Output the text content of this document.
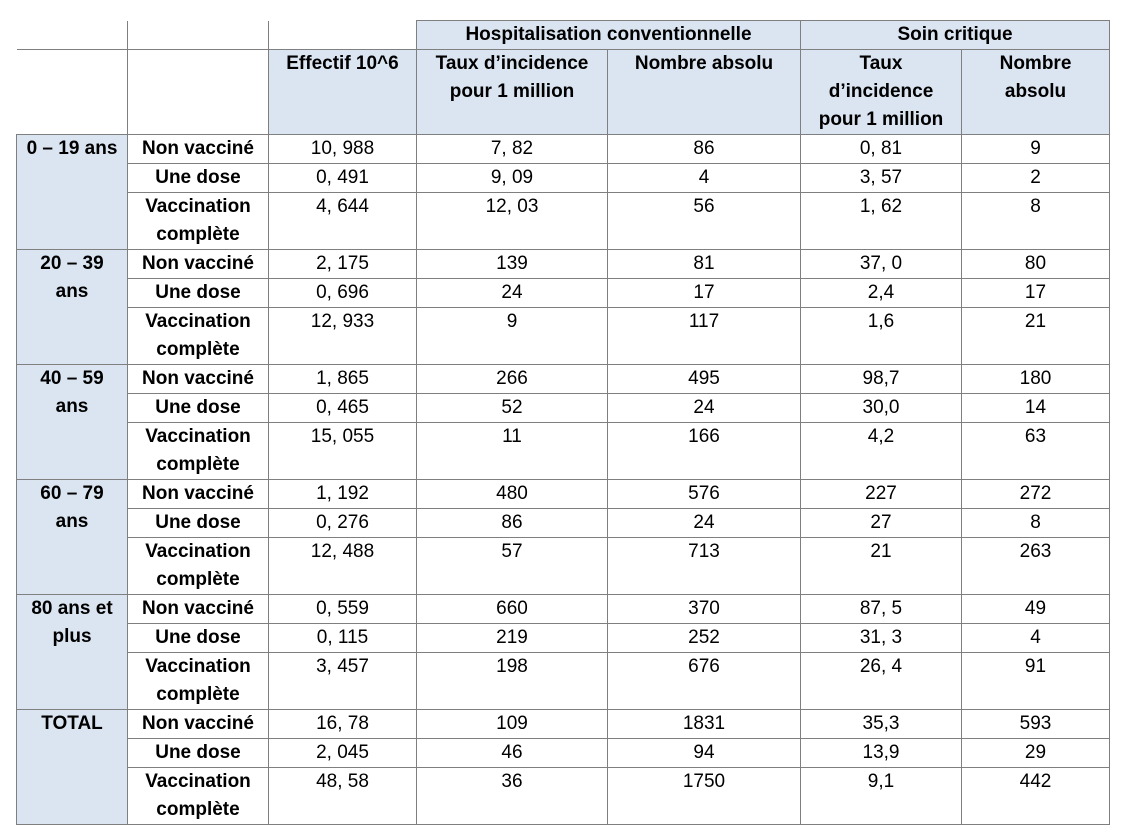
			Hospitalisation conventionnelle		Soin critique	
		Effectif 10^6	Taux d’incidence pour 1 million	Nombre absolu	Taux d’incidence pour 1 million	Nombre absolu
0 – 19 ans	Non vacciné	10, 988	7, 82	86	0, 81	9
	Une dose	0, 491	9, 09	4	3, 57	2
	Vaccination complète	4, 644	12, 03	56	1, 62	8
20 – 39 ans	Non vacciné	2, 175	139	81	37, 0	80
	Une dose	0, 696	24	17	2,4	17
	Vaccination complète	12, 933	9	117	1,6	21
40 – 59 ans	Non vacciné	1, 865	266	495	98,7	180
	Une dose	0, 465	52	24	30,0	14
	Vaccination complète	15, 055	11	166	4,2	63
60 – 79 ans	Non vacciné	1, 192	480	576	227	272
	Une dose	0, 276	86	24	27	8
	Vaccination complète	12, 488	57	713	21	263
80 ans et plus	Non vacciné	0, 559	660	370	87, 5	49
	Une dose	0, 115	219	252	31, 3	4
	Vaccination complète	3, 457	198	676	26, 4	91
TOTAL	Non vacciné	16, 78	109	1831	35,3	593
	Une dose	2, 045	46	94	13,9	29
	Vaccination complète	48, 58	36	1750	9,1	442
